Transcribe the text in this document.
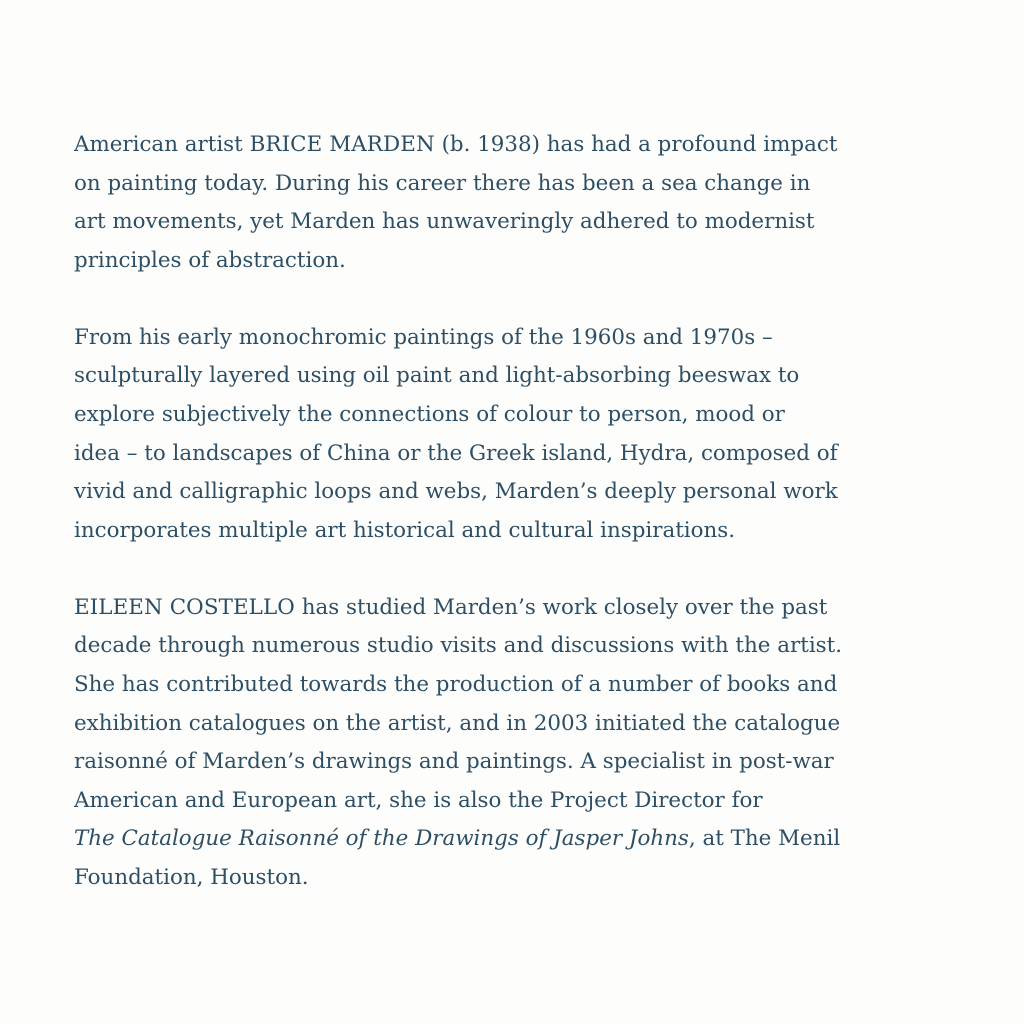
American artist BRICE MARDEN (b. 1938) has had a profound impact
on painting today. During his career there has been a sea change in
art movements, yet Marden has unwaveringly adhered to modernist
principles of abstraction.

From his early monochromic paintings of the 1960s and 1970s –
sculpturally layered using oil paint and light-absorbing beeswax to
explore subjectively the connections of colour to person, mood or
idea – to landscapes of China or the Greek island, Hydra, composed of
vivid and calligraphic loops and webs, Marden’s deeply personal work
incorporates multiple art historical and cultural inspirations.

EILEEN COSTELLO has studied Marden’s work closely over the past
decade through numerous studio visits and discussions with the artist.
She has contributed towards the production of a number of books and
exhibition catalogues on the artist, and in 2003 initiated the catalogue
raisonné of Marden’s drawings and paintings. A specialist in post-war
American and European art, she is also the Project Director for
The Catalogue Raisonné of the Drawings of Jasper Johns, at The Menil
Foundation, Houston.
